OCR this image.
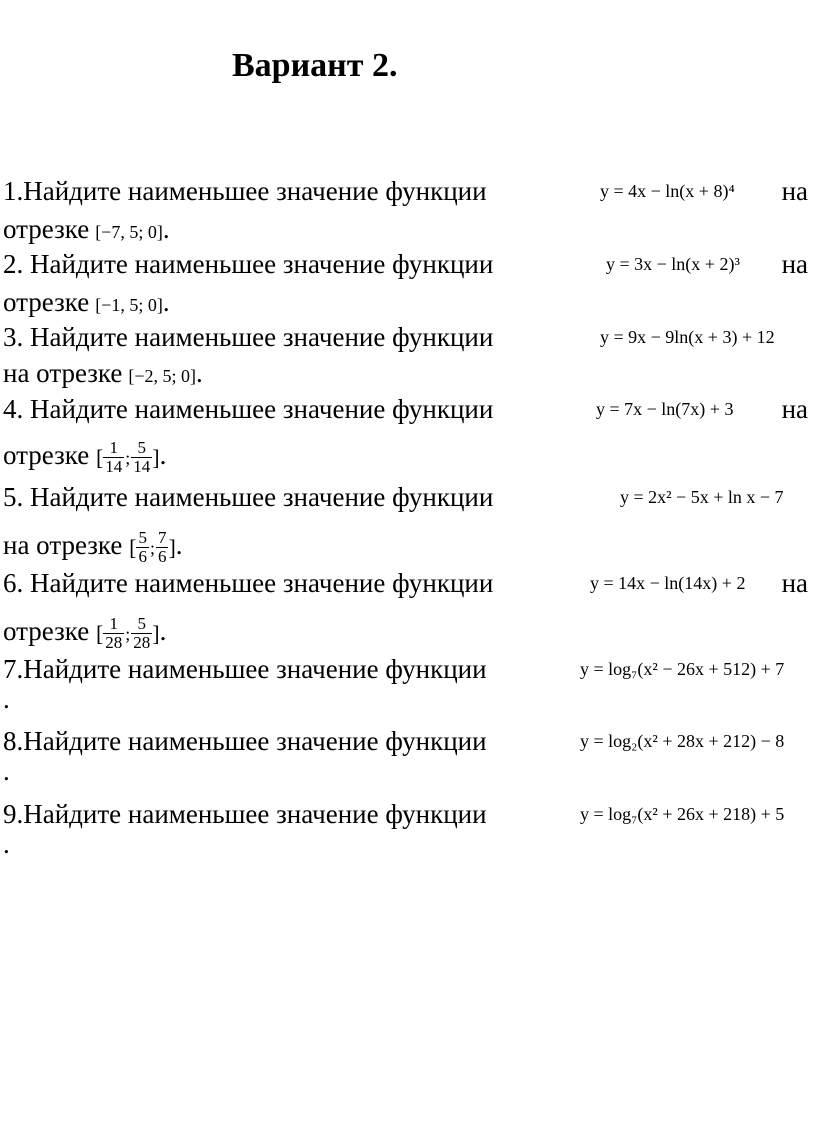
Вариант 2.
1.Найдите наименьшее значение функции	y = 4x − ln(x + 8)⁴ на
отрезке [−7, 5; 0].
2. Найдите наименьшее значение функции	y = 3x − ln(x + 2)³ на
отрезке [−1, 5; 0].
3. Найдите наименьшее значение функции	y = 9x − 9ln(x + 3) + 12
на отрезке [−2, 5; 0].
4. Найдите наименьшее значение функции	y = 7x − ln(7x) + 3 на
отрезке [ $\frac{1}{14}$ ; $\frac{5}{14}$ ].
5. Найдите наименьшее значение функции	y = 2x² − 5x + ln x − 7
на отрезке [ $\frac{5}{6}$ ; $\frac{7}{6}$ ].
6. Найдите наименьшее значение функции	y = 14x − ln(14x) + 2 на
отрезке [ $\frac{1}{28}$ ; $\frac{5}{28}$ ].
7.Найдите наименьшее значение функции	y = log₇(x² − 26x + 512) + 7
.
8.Найдите наименьшее значение функции	y = log₂(x² + 28x + 212) − 8
.
9.Найдите наименьшее значение функции	y = log₇(x² + 26x + 218) + 5
.
